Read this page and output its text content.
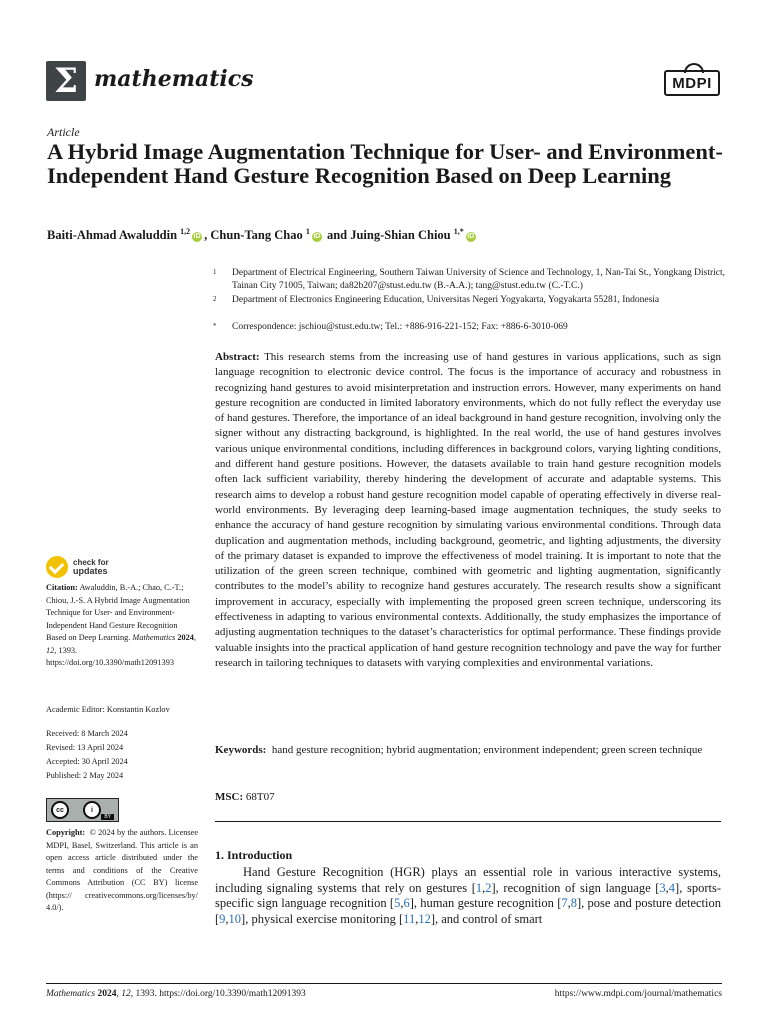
Σ mathematics	MDPI
Article
A Hybrid Image Augmentation Technique for User- and Environment-Independent Hand Gesture Recognition Based on Deep Learning
Baiti-Ahmad Awaluddin $^{1,2}$iD , Chun-Tang Chao $^1$iD and Juing-Shian Chiou $^{1,*}$iD
1	Department of Electrical Engineering, Southern Taiwan University of Science and Technology, 1, Nan-Tai St., Yongkang District, Tainan City 71005, Taiwan; da82b207@stust.edu.tw (B.-A.A.); tang@stust.edu.tw (C.-T.C.)
2	Department of Electronics Engineering Education, Universitas Negeri Yogyakarta, Yogyakarta 55281, Indonesia
*	Correspondence: jschiou@stust.edu.tw; Tel.: +886-916-221-152; Fax: +886-6-3010-069
Abstract: This research stems from the increasing use of hand gestures in various applications, such as sign language recognition to electronic device control. The focus is the importance of accuracy and robustness in recognizing hand gestures to avoid misinterpretation and instruction errors. However, many experiments on hand gesture recognition are conducted in limited laboratory environments, which do not fully reflect the everyday use of hand gestures. Therefore, the importance of an ideal background in hand gesture recognition, involving only the signer without any distracting background, is highlighted. In the real world, the use of hand gestures involves various unique environmental conditions, including differences in background colors, varying lighting conditions, and different hand gesture positions. However, the datasets available to train hand gesture recognition models often lack sufficient variability, thereby hindering the development of accurate and adaptable systems. This research aims to develop a robust hand gesture recognition model capable of operating effectively in diverse real-world environments. By leveraging deep learning-based image augmentation techniques, the study seeks to enhance the accuracy of hand gesture recognition by simulating various environmental conditions. Through data duplication and augmentation methods, including background, geometric, and lighting adjustments, the diversity of the primary dataset is expanded to improve the effectiveness of model training. It is important to note that the utilization of the green screen technique, combined with geometric and lighting augmentation, significantly contributes to the model’s ability to recognize hand gestures accurately. The research results show a significant improvement in accuracy, especially with implementing the proposed green screen technique, underscoring its effectiveness in adapting to various environmental contexts. Additionally, the study emphasizes the importance of adjusting augmentation techniques to the dataset’s characteristics for optimal performance. These findings provide valuable insights into the practical application of hand gesture recognition technology and pave the way for further research in tailoring techniques to datasets with varying complexities and environmental variations.
Keywords: hand gesture recognition; hybrid augmentation; environment independent; green screen technique
MSC: 68T07
1. Introduction
Hand Gesture Recognition (HGR) plays an essential role in various interactive systems, including signaling systems that rely on gestures [1,2], recognition of sign language [3,4], sports-specific sign language recognition [5,6], human gesture recognition [7,8], pose and posture detection [9,10], physical exercise monitoring [11,12], and control of smart
check for
updates
Citation: Awaluddin, B.-A.; Chao, C.-T.; Chiou, J.-S. A Hybrid Image Augmentation Technique for User- and Environment-Independent Hand Gesture Recognition Based on Deep Learning. Mathematics 2024, 12, 1393. https://doi.org/10.3390/math12091393
Academic Editor: Konstantin Kozlov
Received: 8 March 2024
Revised: 13 April 2024
Accepted: 30 April 2024
Published: 2 May 2024
cc	i
BY
Copyright: © 2024 by the authors. Licensee MDPI, Basel, Switzerland. This article is an open access article distributed under the terms and conditions of the Creative Commons Attribution (CC BY) license (https:// creativecommons.org/licenses/by/ 4.0/).
Mathematics 2024, 12, 1393. https://doi.org/10.3390/math12091393	https://www.mdpi.com/journal/mathematics
